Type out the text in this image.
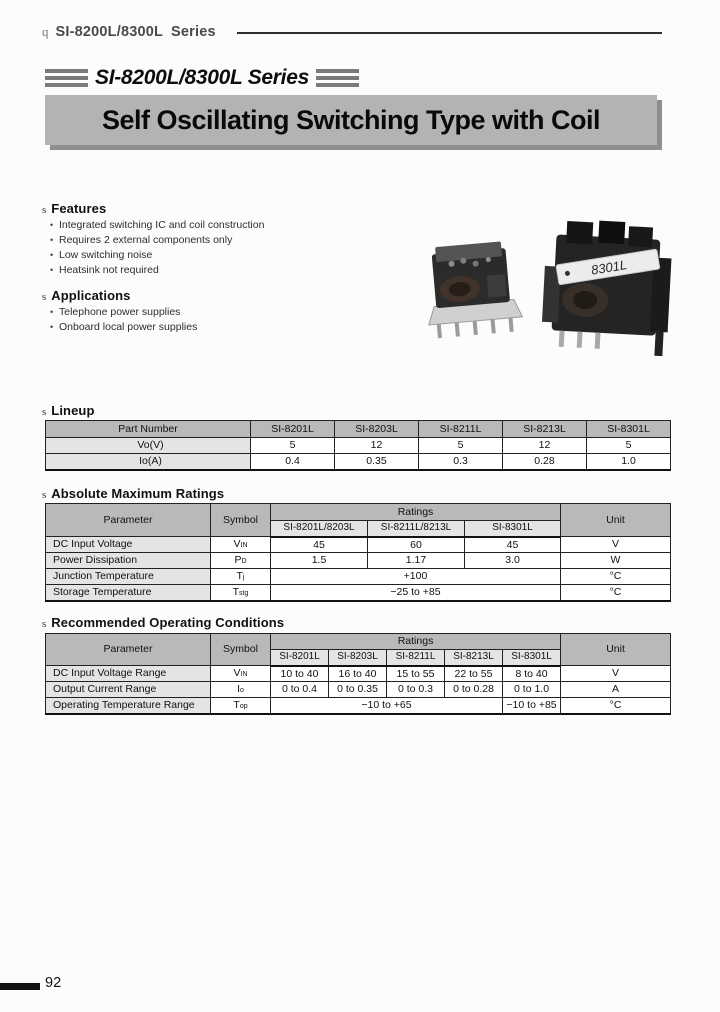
q SI-8200L/8300L Series
SI-8200L/8300L Series
Self Oscillating Switching Type with Coil
s Features
• Integrated switching IC and coil construction
• Requires 2 external components only
• Low switching noise
• Heatsink not required
s Applications
• Telephone power supplies
• Onboard local power supplies
8301L
s Lineup
Part Number	SI-8201L	SI-8203L	SI-8211L	SI-8213L	SI-8301L
Vo(V)	5	12	5	12	5
Io(A)	0.4	0.35	0.3	0.28	1.0
s Absolute Maximum Ratings
Parameter	Symbol	Ratings			Unit
		SI-8201L/8203L	SI-8211L/8213L	SI-8301L	
DC Input Voltage	VIN	45	60	45	V
Power Dissipation	PD	1.5	1.17	3.0	W
Junction Temperature	Tj	+100			°C
Storage Temperature	Tstg	−25 to +85			°C
s Recommended Operating Conditions
Parameter	Symbol	Ratings					Unit
		SI-8201L	SI-8203L	SI-8211L	SI-8213L	SI-8301L	
DC Input Voltage Range	VIN	10 to 40	16 to 40	15 to 55	22 to 55	8 to 40	V
Output Current Range	Io	0 to 0.4	0 to 0.35	0 to 0.3	0 to 0.28	0 to 1.0	A
Operating Temperature Range	Top	−10 to +65				−10 to +85	°C
92
